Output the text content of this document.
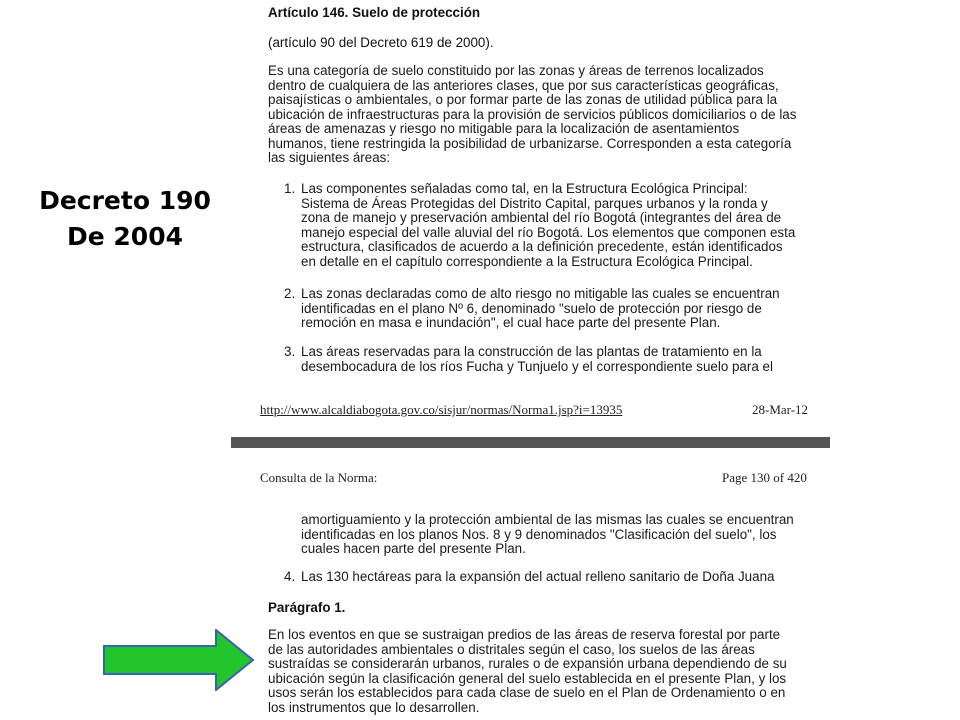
Decreto 190
De 2004
Artículo 146. Suelo de protección
(artículo 90 del Decreto 619 de 2000).
Es una categoría de suelo constituido por las zonas y áreas de terrenos localizados
dentro de cualquiera de las anteriores clases, que por sus características geográficas,
paisajísticas o ambientales, o por formar parte de las zonas de utilidad pública para la
ubicación de infraestructuras para la provisión de servicios públicos domiciliarios o de las
áreas de amenazas y riesgo no mitigable para la localización de asentamientos
humanos, tiene restringida la posibilidad de urbanizarse. Corresponden a esta categoría
las siguientes áreas:
1. Las componentes señaladas como tal, en la Estructura Ecológica Principal:
Sistema de Áreas Protegidas del Distrito Capital, parques urbanos y la ronda y
zona de manejo y preservación ambiental del río Bogotá (integrantes del área de
manejo especial del valle aluvial del río Bogotá. Los elementos que componen esta
estructura, clasificados de acuerdo a la definición precedente, están identificados
en detalle en el capítulo correspondiente a la Estructura Ecológica Principal.
2. Las zonas declaradas como de alto riesgo no mitigable las cuales se encuentran
identificadas en el plano Nº 6, denominado "suelo de protección por riesgo de
remoción en masa e inundación", el cual hace parte del presente Plan.
3. Las áreas reservadas para la construcción de las plantas de tratamiento en la
desembocadura de los ríos Fucha y Tunjuelo y el correspondiente suelo para el
http://www.alcaldiabogota.gov.co/sisjur/normas/Norma1.jsp?i=13935	28-Mar-12
Consulta de la Norma:	Page 130 of 420
amortiguamiento y la protección ambiental de las mismas las cuales se encuentran
identificadas en los planos Nos. 8 y 9 denominados "Clasificación del suelo", los
cuales hacen parte del presente Plan.
4. Las 130 hectáreas para la expansión del actual relleno sanitario de Doña Juana
Parágrafo 1.
En los eventos en que se sustraigan predios de las áreas de reserva forestal por parte
de las autoridades ambientales o distritales según el caso, los suelos de las áreas
sustraídas se considerarán urbanos, rurales o de expansión urbana dependiendo de su
ubicación según la clasificación general del suelo establecida en el presente Plan, y los
usos serán los establecidos para cada clase de suelo en el Plan de Ordenamiento o en
los instrumentos que lo desarrollen.
